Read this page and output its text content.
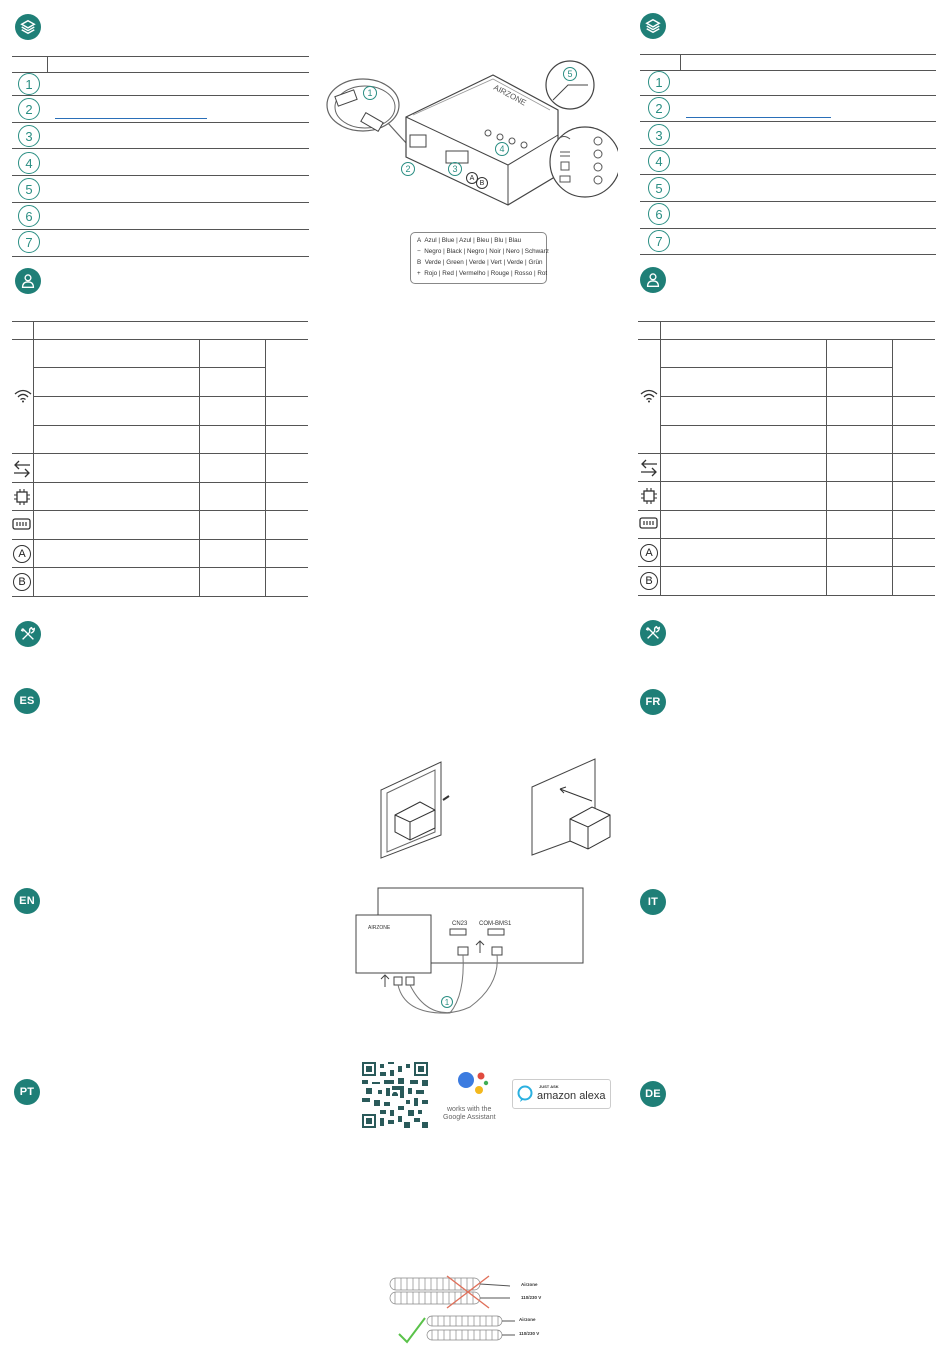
1
2
3
4
5
6
7
A
B
ES
EN
PT
AIRZONE
1
2	3
4
5
A
B
A Azul | Blue | Azul | Bleu | Blu | Blau
− Negro | Black | Negro | Noir | Nero | Schwarz
B Verde | Green | Verde | Vert | Verde | Grün
+ Rojo | Red | Vermelho | Rouge | Rosso | Rot
CN23 COM-BMS1
AIRZONE
1
works with the
Google Assistant
JUST ASK
amazon alexa
Airzone
110/230 V
Airzone
110/230 V
1
2
3
4
5
6
7
A
B
FR
IT
DE
